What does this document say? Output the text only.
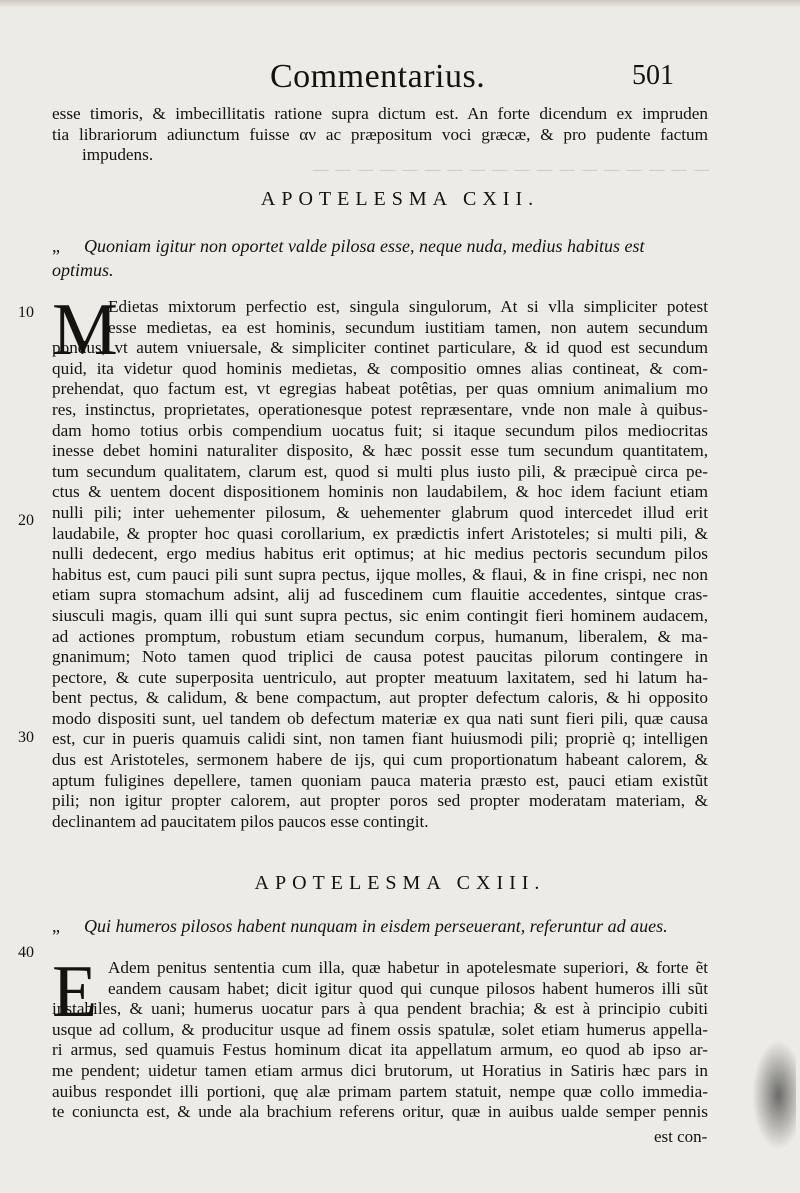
— — — — — — — — — — — — — — — — — —
Commentarius.	501
esse timoris, & imbecillitatis ratione supra dictum est. An forte dicendum ex impruden
tia librariorum adiunctum fuisse αν ac præpositum voci græcæ, & pro pudente factum
impudens.
APOTELESMA CXII.
„ Quoniam igitur non oportet valde pilosa esse, neque nuda, medius habitus est optimus.
M
Edietas mixtorum perfectio est, singula singulorum, At si vlla simpliciter potest
esse medietas, ea est hominis, secundum iustitiam tamen, non autem secundum
pondus, vt autem vniuersale, & simpliciter continet particulare, & id quod est secundum
quid, ita videtur quod hominis medietas, & compositio omnes alias contineat, & com-
prehendat, quo factum est, vt egregias habeat potêtias, per quas omnium animalium mo
res, instinctus, proprietates, operationesque potest repræsentare, vnde non male à quibus-
dam homo totius orbis compendium uocatus fuit; si itaque secundum pilos mediocritas
inesse debet homini naturaliter disposito, & hæc possit esse tum secundum quantitatem,
tum secundum qualitatem, clarum est, quod si multi plus iusto pili, & præcipuè circa pe-
ctus & uentem docent dispositionem hominis non laudabilem, & hoc idem faciunt etiam
nulli pili; inter uehementer pilosum, & uehementer glabrum quod intercedet illud erit
laudabile, & propter hoc quasi corollarium, ex prædictis infert Aristoteles; si multi pili, &
nulli dedecent, ergo medius habitus erit optimus; at hic medius pectoris secundum pilos
habitus est, cum pauci pili sunt supra pectus, ijque molles, & flaui, & in fine crispi, nec non
etiam supra stomachum adsint, alij ad fuscedinem cum flauitie accedentes, sintque cras-
siusculi magis, quam illi qui sunt supra pectus, sic enim contingit fieri hominem audacem,
ad actiones promptum, robustum etiam secundum corpus, humanum, liberalem, & ma-
gnanimum; Noto tamen quod triplici de causa potest paucitas pilorum contingere in
pectore, & cute superposita uentriculo, aut propter meatuum laxitatem, sed hi latum ha-
bent pectus, & calidum, & bene compactum, aut propter defectum caloris, & hi opposito
modo dispositi sunt, uel tandem ob defectum materiæ ex qua nati sunt fieri pili, quæ causa
est, cur in pueris quamuis calidi sint, non tamen fiant huiusmodi pili; propriè q; intelligen
dus est Aristoteles, sermonem habere de ijs, qui cum proportionatum habeant calorem, &
aptum fuligines depellere, tamen quoniam pauca materia præsto est, pauci etiam existũt
pili; non igitur propter calorem, aut propter poros sed propter moderatam materiam, &
declinantem ad paucitatem pilos paucos esse contingit.
APOTELESMA CXIII.
„ Qui humeros pilosos habent nunquam in eisdem perseuerant, referuntur ad aues.
E Adem penitus sententia cum illa, quæ habetur in apotelesmate superiori, & forte ẽt
eandem causam habet; dicit igitur quod qui cunque pilosos habent humeros illi sũt
instabiles, & uani; humerus uocatur pars à qua pendent brachia; & est à principio cubiti
usque ad collum, & producitur usque ad finem ossis spatulæ, solet etiam humerus appella-
ri armus, sed quamuis Festus hominum dicat ita appellatum armum, eo quod ab ipso ar-
me pendent; uidetur tamen etiam armus dici brutorum, ut Horatius in Satiris hæc pars in
auibus respondet illi portioni, quę alæ primam partem statuit, nempe quæ collo immedia-
te coniuncta est, & unde ala brachium referens oritur, quæ in auibus ualde semper pennis
est con-
10
20
30
40
